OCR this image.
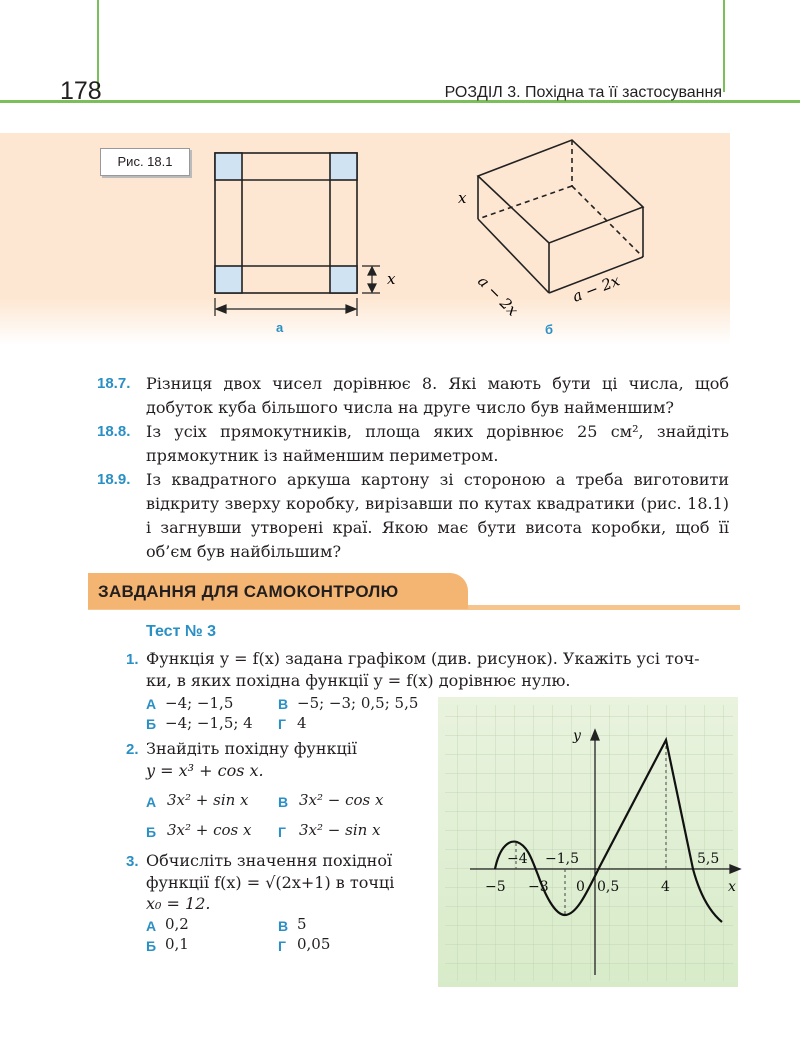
178	РОЗДІЛ 3. Похідна та її застосування
Рис. 18.1
x
x
a − 2x	a − 2x
а	б
18.7. Різниця двох чисел дорівнює 8. Які мають бути ці числа, щоб добуток куба більшого числа на друге число був найменшим?
18.8. Із усіх прямокутників, площа яких дорівнює 25 см², знайдіть прямокутник із найменшим периметром.
18.9. Із квадратного аркуша картону зі стороною a треба виготовити відкриту зверху коробку, вирізавши по кутах квадратики (рис. 18.1) і загнувши утворені краї. Якою має бути висота коробки, щоб її об’єм був найбільшим?
ЗАВДАННЯ ДЛЯ САМОКОНТРОЛЮ
Тест № 3
y
x
−4 −1,5	5,5
−5 −3 0 0,5	4
1. Функція y = f(x) задана графіком (див. рисунок). Укажіть усі точ-
ки, в яких похідна функції y = f(x) дорівнює нулю.
А −4; −1,5	В −5; −3; 0,5; 5,5
Б −4; −1,5; 4 Г 4
2. Знайдіть похідну функції
y = x³ + cos x.
А 3x² + sin x В 3x² − cos x
Б 3x² + cos x Г 3x² − sin x
3. Обчисліть значення похідної
функції f(x) = √(2x+1) в точці
x₀ = 12.
А 0,2	В 5
Б 0,1	Г 0,05
